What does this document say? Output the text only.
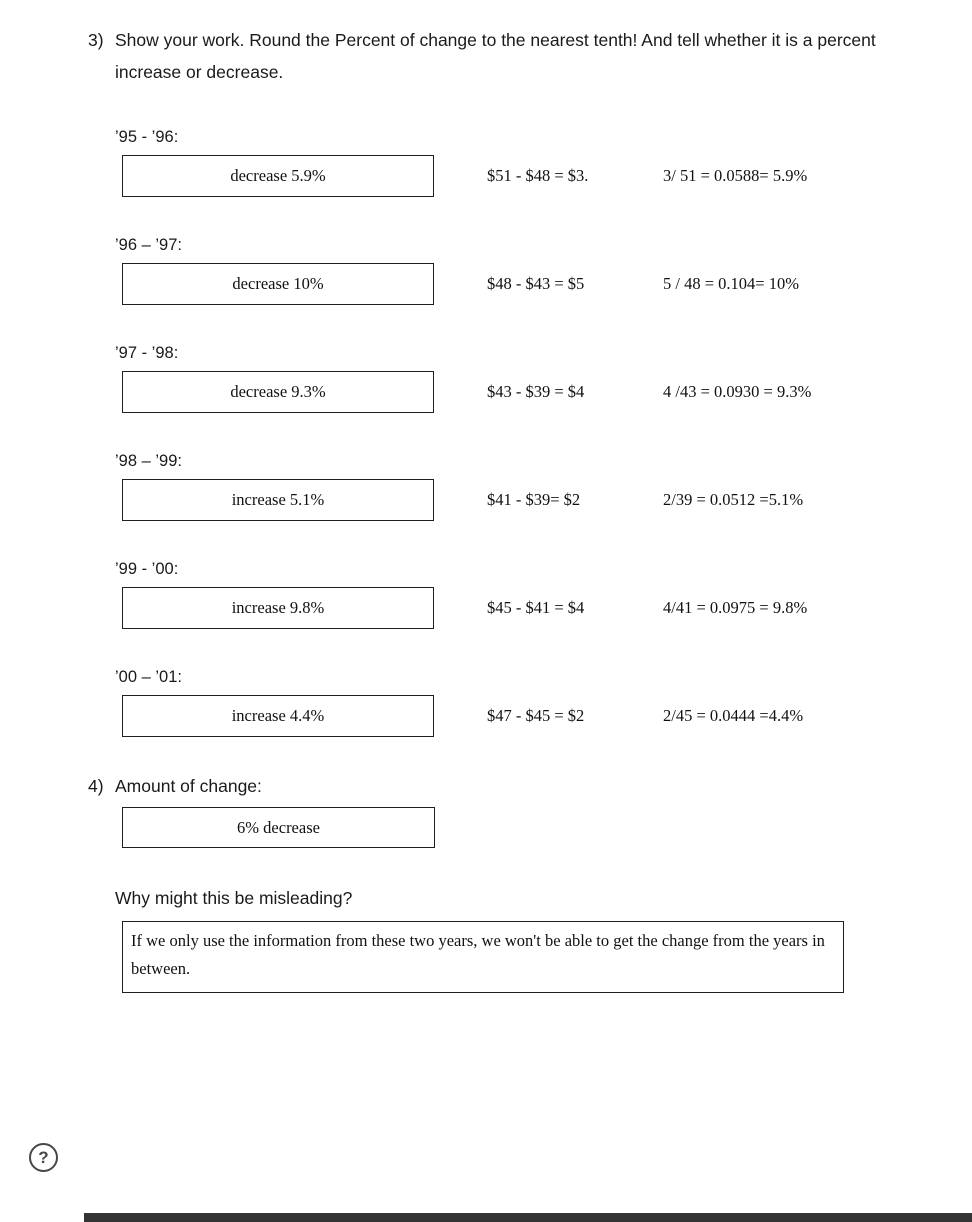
3) Show your work. Round the Percent of change to the nearest tenth! And tell whether it is a percent increase or decrease.
’95 - ’96:
decrease 5.9%	$51 - $48 = $3.	3/ 51 = 0.0588= 5.9%
’96 – ’97:
decrease 10%	$48 - $43 = $5	5 / 48 = 0.104= 10%
’97 - ’98:
decrease 9.3%	$43 - $39 = $4	4 /43 = 0.0930 = 9.3%
’98 – ’99:
increase 5.1%	$41 - $39= $2	2/39 = 0.0512 =5.1%
’99 - ’00:
increase 9.8%	$45 - $41 = $4	4/41 = 0.0975 = 9.8%
’00 – ’01:
increase 4.4%	$47 - $45 = $2	2/45 = 0.0444 =4.4%
4) Amount of change:
6% decrease
Why might this be misleading?
If we only use the information from these two years, we won't be able to get the change from the years in between.
?
